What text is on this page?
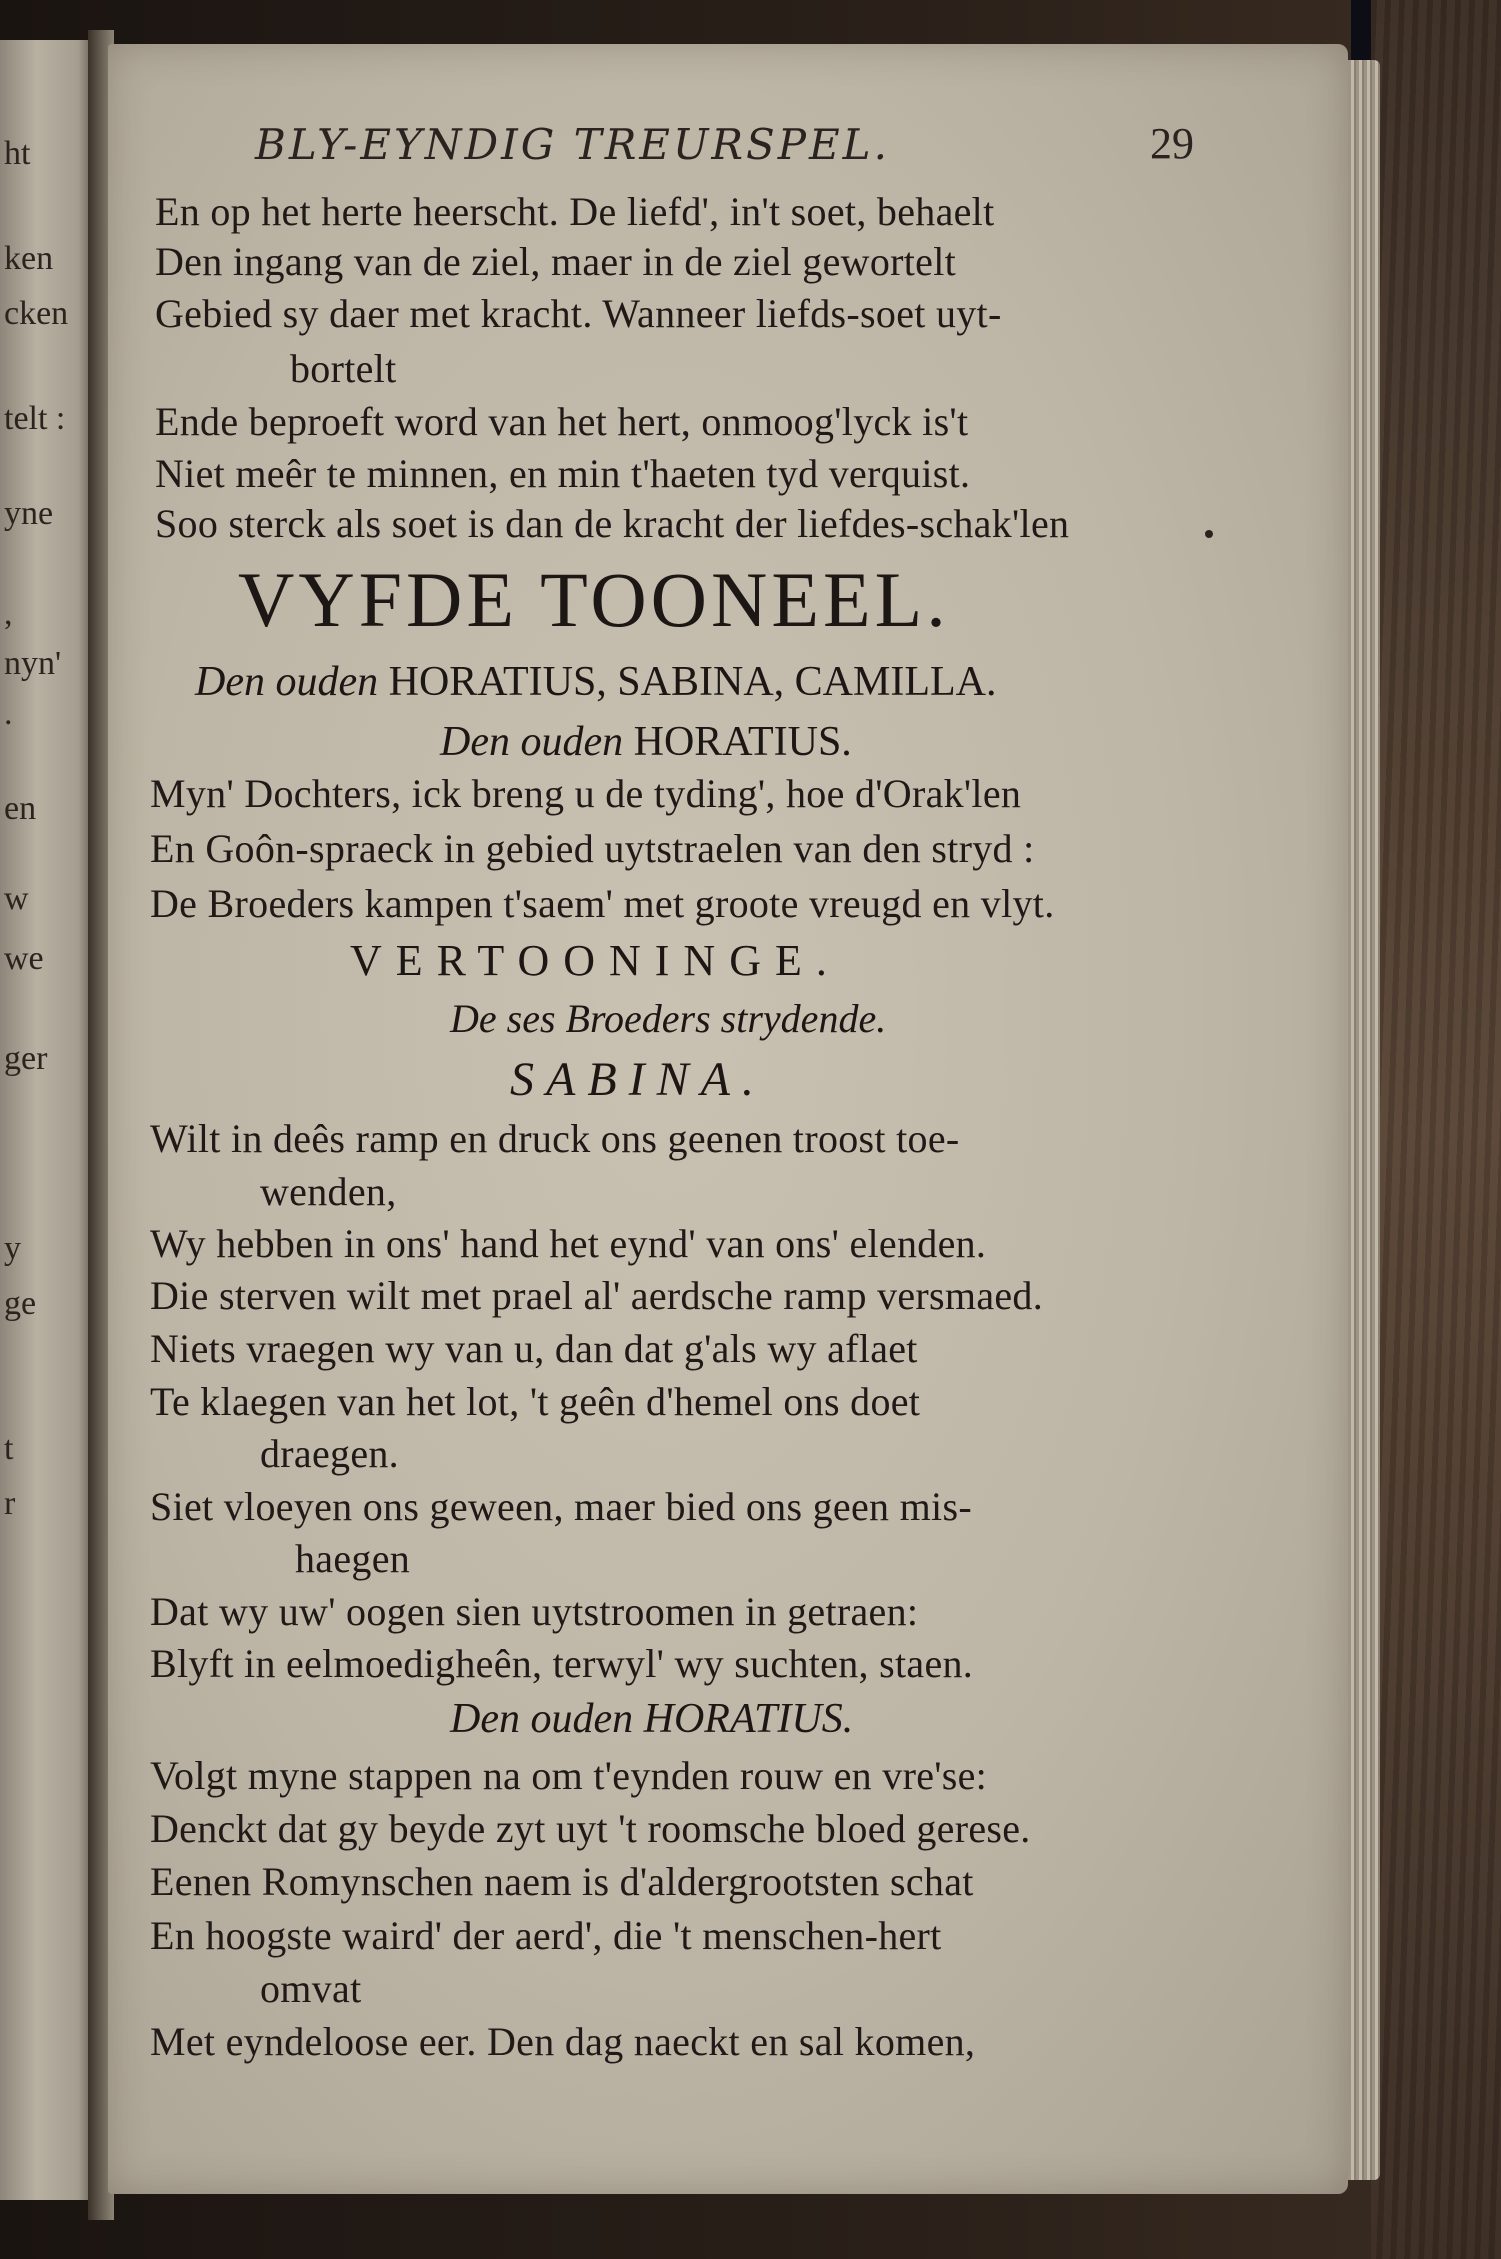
ht
ken
cken
telt :
yne
,
nyn'
.
en
w
we
ger
y
ge
t
r
BLY-EYNDIG TREURSPEL.	29
En op het herte heerscht. De liefd', in't soet, behaelt
Den ingang van de ziel, maer in de ziel gewortelt
Gebied sy daer met kracht. Wanneer liefds-soet uyt-
bortelt
Ende beproeft word van het hert, onmoog'lyck is't
Niet meêr te minnen, en min t'haeten tyd verquist.
Soo sterck als soet is dan de kracht der liefdes-schak'len
VYFDE TOONEEL.
Den ouden HORATIUS, SABINA, CAMILLA.
Den ouden HORATIUS.
Myn' Dochters, ick breng u de tyding', hoe d'Orak'len
En Goôn-spraeck in gebied uytstraelen van den stryd :
De Broeders kampen t'saem' met groote vreugd en vlyt.
VERTOONINGE.
De ses Broeders strydende.
SABINA.
Wilt in deês ramp en druck ons geenen troost toe-
wenden,
Wy hebben in ons' hand het eynd' van ons' elenden.
Die sterven wilt met prael al' aerdsche ramp versmaed.
Niets vraegen wy van u, dan dat g'als wy aflaet
Te klaegen van het lot, 't geên d'hemel ons doet
draegen.
Siet vloeyen ons geween, maer bied ons geen mis-
haegen
Dat wy uw' oogen sien uytstroomen in getraen:
Blyft in eelmoedigheên, terwyl' wy suchten, staen.
Den ouden HORATIUS.
Volgt myne stappen na om t'eynden rouw en vre'se:
Denckt dat gy beyde zyt uyt 't roomsche bloed gerese.
Eenen Romynschen naem is d'aldergrootsten schat
En hoogste waird' der aerd', die 't menschen-hert
omvat
Met eyndeloose eer. Den dag naeckt en sal komen,
